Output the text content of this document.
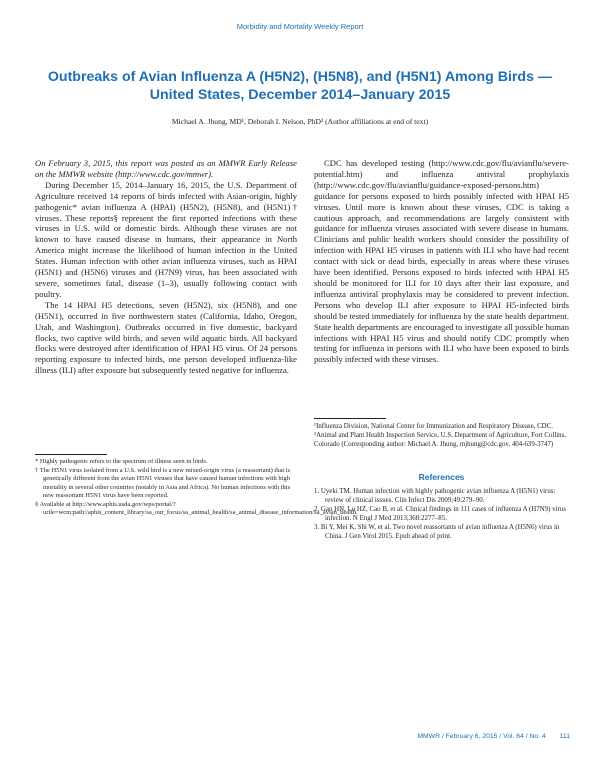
Morbidity and Mortality Weekly Report
Outbreaks of Avian Influenza A (H5N2), (H5N8), and (H5N1) Among Birds — United States, December 2014–January 2015
Michael A. Jhung, MD¹, Deborah I. Nelson, PhD² (Author affiliations at end of text)

On February 3, 2015, this report was posted as an MMWR Early Release on the MMWR website (http://www.cdc.gov/mmwr).

During December 15, 2014–January 16, 2015, the U.S. Department of Agriculture received 14 reports of birds infected with Asian-origin, highly pathogenic* avian influenza A (HPAI) (H5N2), (H5N8), and (H5N1)† viruses. These reports§ represent the first reported infections with these viruses in U.S. wild or domestic birds. Although these viruses are not known to have caused disease in humans, their appearance in North America might increase the likelihood of human infection in the United States. Human infection with other avian influenza viruses, such as HPAI (H5N1) and (H5N6) viruses and (H7N9) virus, has been associated with severe, sometimes fatal, disease (1–3), usually following contact with poultry.

The 14 HPAI H5 detections, seven (H5N2), six (H5N8), and one (H5N1), occurred in five northwestern states (California, Idaho, Oregon, Utah, and Washington). Outbreaks occurred in five domestic, backyard flocks, two captive wild birds, and seven wild aquatic birds. All backyard flocks were destroyed after identification of HPAI H5 virus. Of 24 persons reporting exposure to infected birds, one person developed influenza-like illness (ILI) after exposure but subsequently tested negative for influenza.

* Highly pathogenic refers to the spectrum of illness seen in birds.

† The H5N1 virus isolated from a U.S. wild bird is a new mixed-origin virus (a reassortant) that is genetically different from the avian H5N1 viruses that have caused human infections with high mortality in several other countries (notably in Asia and Africa). No human infections with this new reassortant H5N1 virus have been reported.

§ Available at http://www.aphis.usda.gov/wps/portal/?urile=wcm:path:/aphis_content_library/sa_our_focus/sa_animal_health/sa_animal_disease_information/sa_avian_health.

CDC has developed testing (http://www.cdc.gov/flu/avianflu/severe-potential.htm) and influenza antiviral prophylaxis (http://www.cdc.gov/flu/avianflu/guidance-exposed-persons.htm) guidance for persons exposed to birds possibly infected with HPAI H5 viruses. Until more is known about these viruses, CDC is taking a cautious approach, and recommendations are largely consistent with guidance for influenza viruses associated with severe disease in humans. Clinicians and public health workers should consider the possibility of infection with HPAI H5 viruses in patients with ILI who have had recent contact with sick or dead birds, especially in areas where these viruses have been identified. Persons exposed to birds infected with HPAI H5 should be monitored for ILI for 10 days after their last exposure, and influenza antiviral prophylaxis may be considered to prevent infection. Persons who develop ILI after exposure to HPAI H5-infected birds should be tested immediately for influenza by the state health department. State health departments are encouraged to investigate all possible human infections with HPAI H5 virus and should notify CDC promptly when testing for influenza in persons with ILI who have been exposed to birds possibly infected with these viruses.

¹Influenza Division, National Center for Immunization and Respiratory Disease, CDC. ²Animal and Plant Health Inspection Service, U.S. Department of Agriculture, Fort Collins, Colorado (Corresponding author: Michael A. Jhung, mjhung@cdc.gov, 404-639-3747)
References
1. Uyeki TM. Human infection with highly pathogenic avian influenza A (H5N1) virus: review of clinical issues. Clin Infect Dis 2009;49:279–90.
2. Gao HN, Lu HZ, Cao B, et al. Clinical findings in 111 cases of influenza A (H7N9) virus infection. N Engl J Med 2013;368:2277–85.
3. Bi Y, Mei K, Shi W, et al. Two novel reassortants of avian influenza A (H5N6) virus in China. J Gen Virol 2015. Epub ahead of print.
MMWR / February 6, 2015 / Vol. 64 / No. 4 111
